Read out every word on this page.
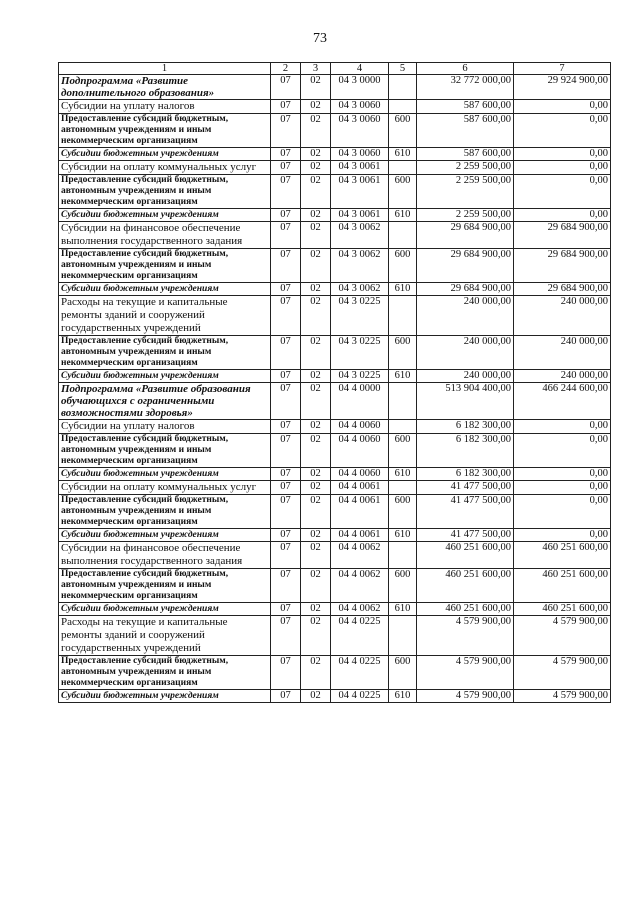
73
1	2	3	4	5	6	7
Подпрограмма «Развитие дополнительного образования»	07	02	04 3 0000		32 772 000,00	29 924 900,00
Субсидии на уплату налогов	07	02	04 3 0060		587 600,00	0,00
Предоставление субсидий бюджетным, автономным учреждениям и иным некоммерческим организациям	07	02	04 3 0060	600	587 600,00	0,00
Субсидии бюджетным учреждениям	07	02	04 3 0060	610	587 600,00	0,00
Субсидии на оплату коммунальных услуг	07	02	04 3 0061		2 259 500,00	0,00
Предоставление субсидий бюджетным, автономным учреждениям и иным некоммерческим организациям	07	02	04 3 0061	600	2 259 500,00	0,00
Субсидии бюджетным учреждениям	07	02	04 3 0061	610	2 259 500,00	0,00
Субсидии на финансовое обеспечение выполнения государственного задания	07	02	04 3 0062		29 684 900,00	29 684 900,00
Предоставление субсидий бюджетным, автономным учреждениям и иным некоммерческим организациям	07	02	04 3 0062	600	29 684 900,00	29 684 900,00
Субсидии бюджетным учреждениям	07	02	04 3 0062	610	29 684 900,00	29 684 900,00
Расходы на текущие и капитальные ремонты зданий и сооружений государственных учреждений	07	02	04 3 0225		240 000,00	240 000,00
Предоставление субсидий бюджетным, автономным учреждениям и иным некоммерческим организациям	07	02	04 3 0225	600	240 000,00	240 000,00
Субсидии бюджетным учреждениям	07	02	04 3 0225	610	240 000,00	240 000,00
Подпрограмма «Развитие образования обучающихся с ограниченными возможностями здоровья»	07	02	04 4 0000		513 904 400,00	466 244 600,00
Субсидии на уплату налогов	07	02	04 4 0060		6 182 300,00	0,00
Предоставление субсидий бюджетным, автономным учреждениям и иным некоммерческим организациям	07	02	04 4 0060	600	6 182 300,00	0,00
Субсидии бюджетным учреждениям	07	02	04 4 0060	610	6 182 300,00	0,00
Субсидии на оплату коммунальных услуг	07	02	04 4 0061		41 477 500,00	0,00
Предоставление субсидий бюджетным, автономным учреждениям и иным некоммерческим организациям	07	02	04 4 0061	600	41 477 500,00	0,00
Субсидии бюджетным учреждениям	07	02	04 4 0061	610	41 477 500,00	0,00
Субсидии на финансовое обеспечение выполнения государственного задания	07	02	04 4 0062		460 251 600,00	460 251 600,00
Предоставление субсидий бюджетным, автономным учреждениям и иным некоммерческим организациям	07	02	04 4 0062	600	460 251 600,00	460 251 600,00
Субсидии бюджетным учреждениям	07	02	04 4 0062	610	460 251 600,00	460 251 600,00
Расходы на текущие и капитальные ремонты зданий и сооружений государственных учреждений	07	02	04 4 0225		4 579 900,00	4 579 900,00
Предоставление субсидий бюджетным, автономным учреждениям и иным некоммерческим организациям	07	02	04 4 0225	600	4 579 900,00	4 579 900,00
Субсидии бюджетным учреждениям	07	02	04 4 0225	610	4 579 900,00	4 579 900,00
